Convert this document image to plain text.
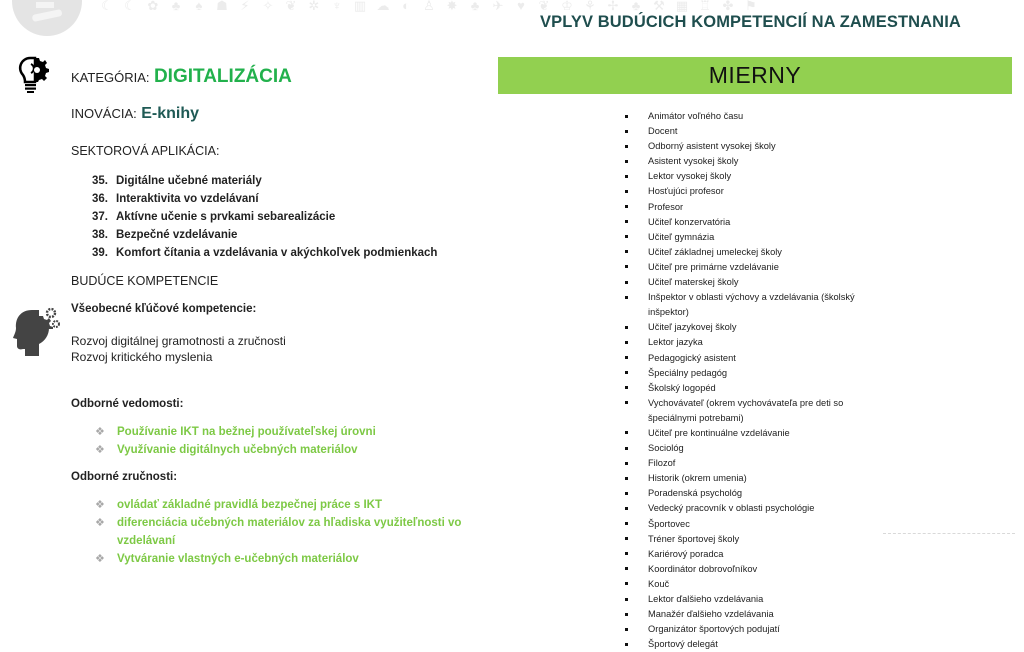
☾ ☾ ✿ ♣ ♠ ☗ ⚡ ✧ ❦ ✲ ♆ ▥ ☁ ◐ ♙ ✸ ♣ ✈ ♥ ❦ ♔ ⚘ ✢ ♣ ⚒ ▦ ♖ ✤ ⚑
VPLYV BUDÚCICH KOMPETENCIÍ NA ZAMESTNANIA
KATEGÓRIA: DIGITALIZÁCIA
INOVÁCIA: E-knihy
SEKTOROVÁ APLIKÁCIA:
35. Digitálne učebné materiály
36. Interaktivita vo vzdelávaní
37. Aktívne učenie s prvkami sebarealizácie
38. Bezpečné vzdelávanie
39. Komfort čítania a vzdelávania v akýchkoľvek podmienkach
BUDÚCE KOMPETENCIE
Všeobecné kľúčové kompetencie:
Rozvoj digitálnej gramotnosti a zručnosti
Rozvoj kritického myslenia
Odborné vedomosti:
❖ Používanie IKT na bežnej používateľskej úrovni
❖ Využívanie digitálnych učebných materiálov
Odborné zručnosti:
❖ ovládať základné pravidlá bezpečnej práce s IKT
❖ diferenciácia učebných materiálov za hľadiska využiteľnosti vo vzdelávaní
❖ Vytváranie vlastných e-učebných materiálov
MIERNY
Animátor voľného času
Docent
Odborný asistent vysokej školy
Asistent vysokej školy
Lektor vysokej školy
Hosťujúci profesor
Profesor
Učiteľ konzervatória
Učiteľ gymnázia
Učiteľ základnej umeleckej školy
Učiteľ pre primárne vzdelávanie
Učiteľ materskej školy
Inšpektor v oblasti výchovy a vzdelávania (školský inšpektor)
Učiteľ jazykovej školy
Lektor jazyka
Pedagogický asistent
Špeciálny pedagóg
Školský logopéd
Vychovávateľ (okrem vychovávateľa pre deti so špeciálnymi potrebami)
Učiteľ pre kontinuálne vzdelávanie
Sociológ
Filozof
Historik (okrem umenia)
Poradenská psychológ
Vedecký pracovník v oblasti psychológie
Športovec
Tréner športovej školy
Kariérový poradca
Koordinátor dobrovoľníkov
Kouč
Lektor ďalšieho vzdelávania
Manažér ďalšieho vzdelávania
Organizátor športových podujatí
Športový delegát
